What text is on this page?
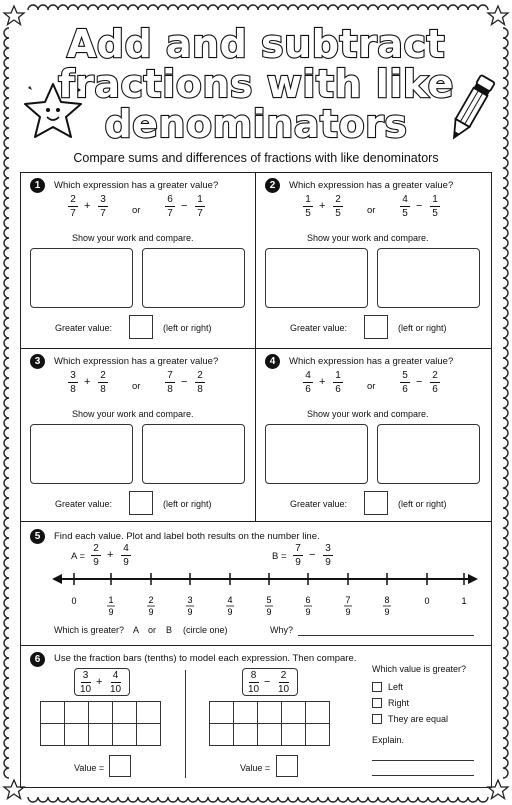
Add and subtract
fractions with like
denominators
Compare sums and differences of fractions with like denominators
1	Which expression has a greater value?
2
7
+
3
7	or
6
7
−
1
7
Show your work and compare.
Greater value:	(left or right)
2	Which expression has a greater value?
1
5
+
2
5	or
4
5
−
1
5
Show your work and compare.
Greater value:	(left or right)
3	Which expression has a greater value?
3
8
+
2
8	or
7
8
−
2
8
Show your work and compare.
Greater value:	(left or right)
4	Which expression has a greater value?
4
6
+
1
6	or
5
6
−
2
6
Show your work and compare.
Greater value:	(left or right)
5	Find each value. Plot and label both results on the number line.
A =
2
9
+
4
9
B =
7
9
−
3
9
0	1
9
2
9
3
9
4
9
5
9
6
9
7
9
8
9
0	1
Which is greater? A or B (circle one)	Why?
6	Use the fraction bars (tenths) to model each expression. Then compare.
3
10
+
4
10
8
10
−
2
10

Value =	Value =
Which value is greater?
Left
Right
They are equal
Explain.
